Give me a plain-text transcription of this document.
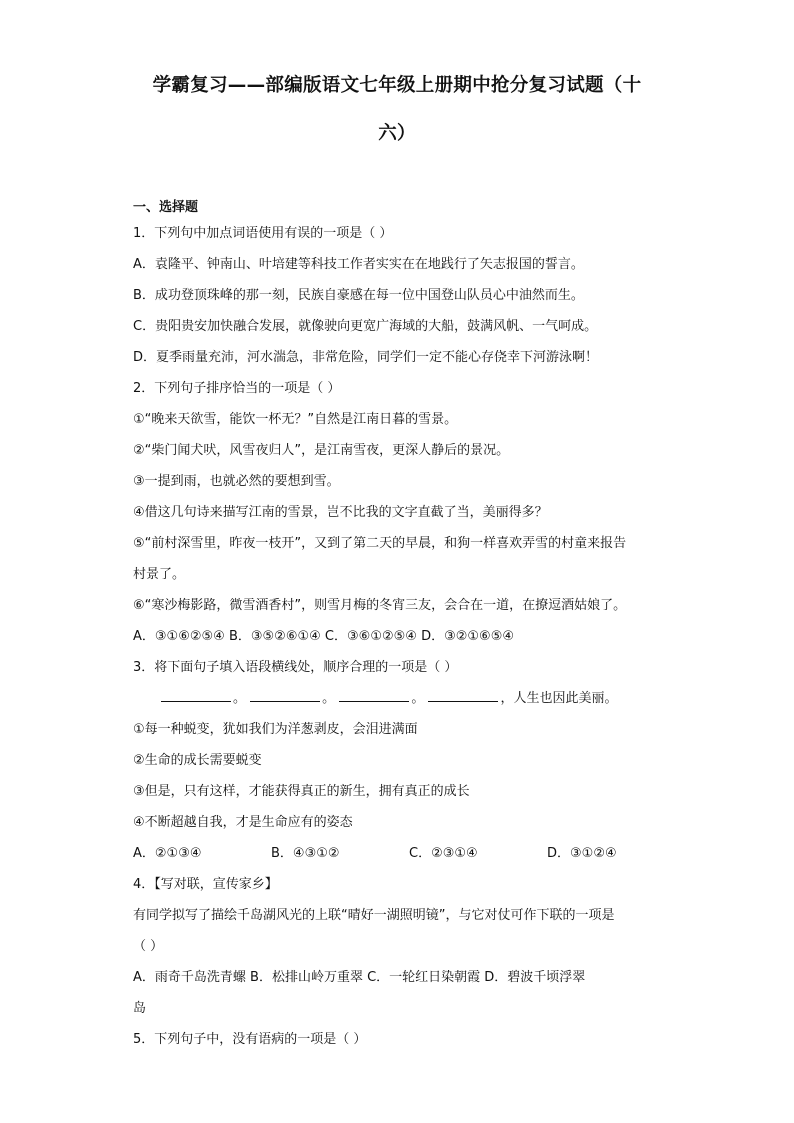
学霸复习——部编版语文七年级上册期中抢分复习试题（十
六）
一、选择题
1．下列句中加点词语使用有误的一项是（ ）
A．袁隆平、钟南山、叶培建等科技工作者实实在在地践行了矢志报国的誓言。
B．成功登顶珠峰的那一刻，民族自豪感在每一位中国登山队员心中油然而生。
C．贵阳贵安加快融合发展，就像驶向更宽广海域的大船，鼓满风帆、一气呵成。
D．夏季雨量充沛，河水湍急，非常危险，同学们一定不能心存侥幸下河游泳啊！
2．下列句子排序恰当的一项是（ ）
①“晚来天欲雪，能饮一杯无？”自然是江南日暮的雪景。
②“柴门闻犬吠，风雪夜归人”，是江南雪夜，更深人静后的景况。
③一提到雨，也就必然的要想到雪。
④借这几句诗来描写江南的雪景，岂不比我的文字直截了当，美丽得多？
⑤“前村深雪里，昨夜一枝开”，又到了第二天的早晨，和狗一样喜欢弄雪的村童来报告
村景了。
⑥“寒沙梅影路，微雪酒香村”，则雪月梅的冬宵三友，会合在一道，在撩逗酒姑娘了。
A．③①⑥②⑤④ B．③⑤②⑥①④ C．③⑥①②⑤④ D．③②①⑥⑤④
3．将下面句子填入语段横线处，顺序合理的一项是（ ）
。	。	。	，人生也因此美丽。
①每一种蜕变，犹如我们为洋葱剥皮，会泪进满面
②生命的成长需要蜕变
③但是，只有这样，才能获得真正的新生，拥有真正的成长
④不断超越自我，才是生命应有的姿态
A．②①③④	B．④③①②	C．②③①④	D．③①②④
4．【写对联，宣传家乡】
有同学拟写了描绘千岛湖风光的上联“晴好一湖照明镜”，与它对仗可作下联的一项是
（ ）
A．雨奇千岛洗青螺 B．松排山岭万重翠 C．一轮红日染朝霞 D．碧波千顷浮翠
岛
5．下列句子中，没有语病的一项是（ ）
